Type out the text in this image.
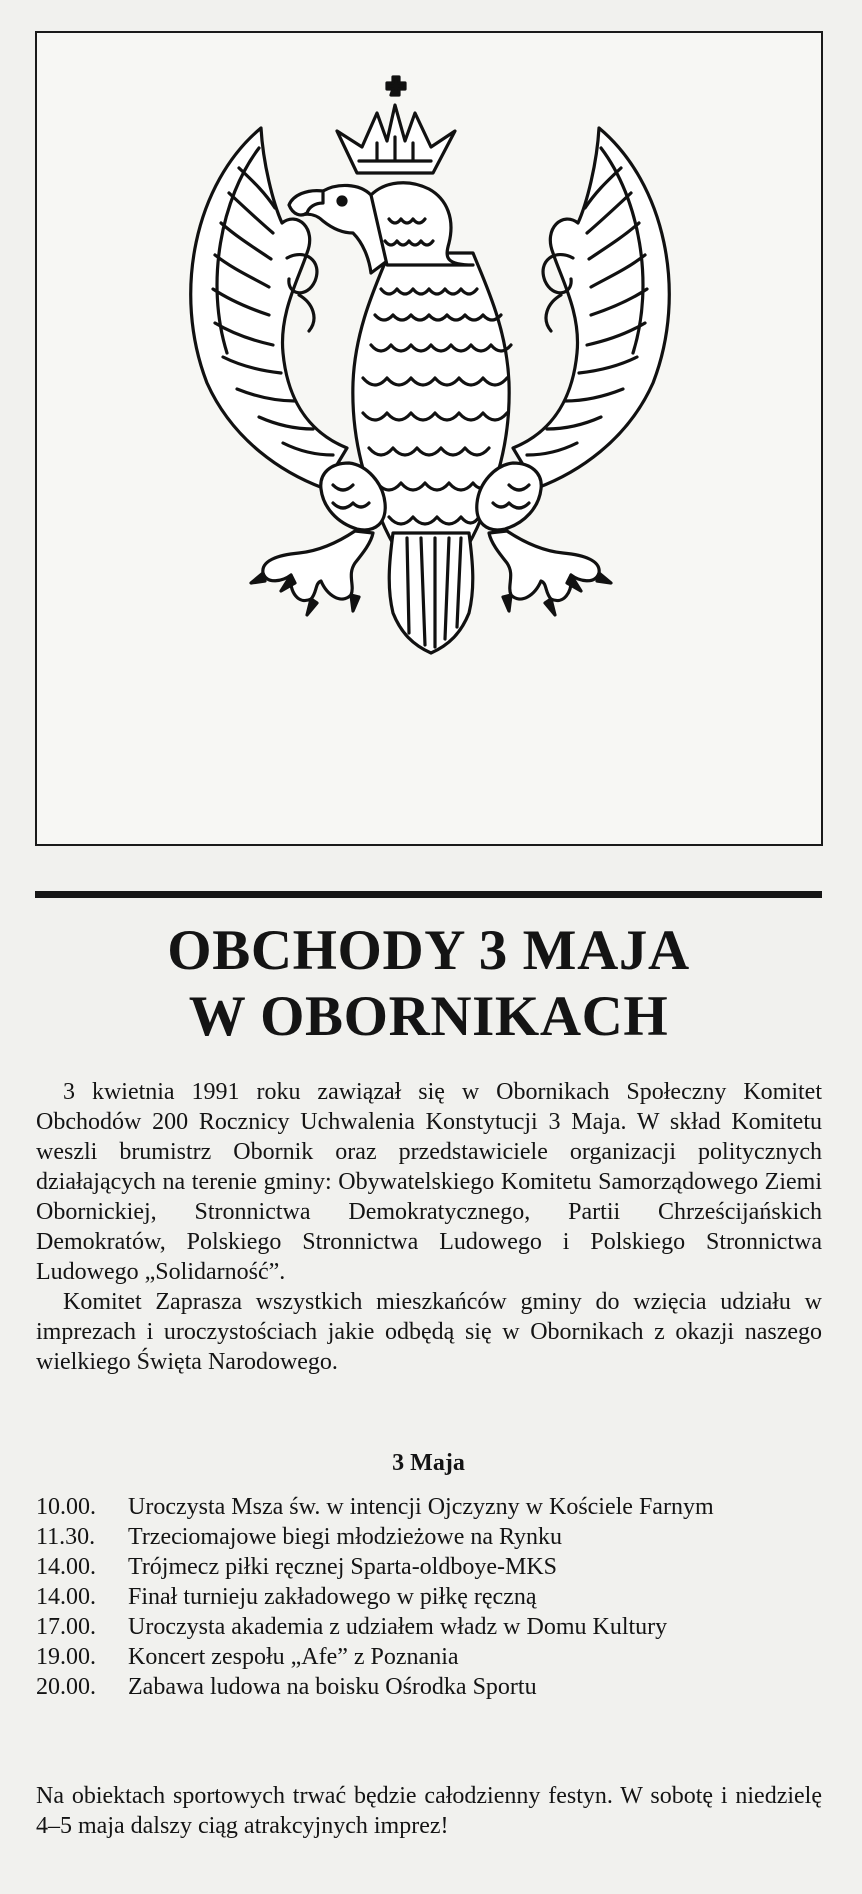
OBCHODY 3 MAJA
W OBORNIKACH

3 kwietnia 1991 roku zawiązał się w Obornikach Społeczny Komitet Obchodów 200 Rocznicy Uchwalenia Konstytucji 3 Maja. W skład Komitetu weszli brumistrz Obornik oraz przedstawiciele organizacji politycznych działających na terenie gminy: Obywatelskiego Komitetu Samorządowego Ziemi Obornickiej, Stronnictwa Demokratycznego, Partii Chrześcijańskich Demokratów, Polskiego Stronnictwa Ludowego i Polskiego Stronnictwa Ludowego „Solidarność”.

Komitet Zaprasza wszystkich mieszkańców gminy do wzięcia udziału w imprezach i uroczystościach jakie odbędą się w Obornikach z okazji naszego wielkiego Święta Narodowego.

3 Maja
10.00. Uroczysta Msza św. w intencji Ojczyzny w Kościele Farnym
11.30. Trzeciomajowe biegi młodzieżowe na Rynku
14.00. Trójmecz piłki ręcznej Sparta-oldboye-MKS
14.00. Finał turnieju zakładowego w piłkę ręczną
17.00. Uroczysta akademia z udziałem władz w Domu Kultury
19.00. Koncert zespołu „Afe” z Poznania
20.00. Zabawa ludowa na boisku Ośrodka Sportu

Na obiektach sportowych trwać będzie całodzienny festyn. W sobotę i niedzielę 4–5 maja dalszy ciąg atrakcyjnych imprez!
